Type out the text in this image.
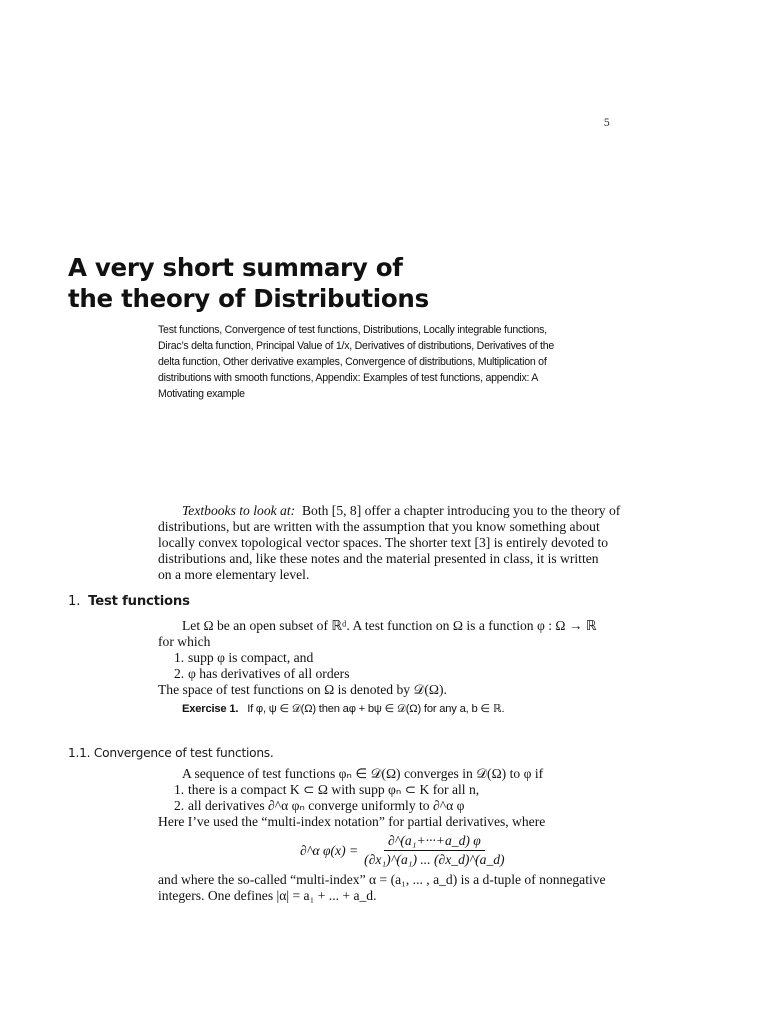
5
A very short summary of
the theory of Distributions
Test functions, Convergence of test functions, Distributions, Locally integrable functions,
Dirac’s delta function, Principal Value of 1/x, Derivatives of distributions, Derivatives of the
delta function, Other derivative examples, Convergence of distributions, Multiplication of
distributions with smooth functions, Appendix: Examples of test functions, appendix: A
Motivating example
Textbooks to look at: Both [5, 8] offer a chapter introducing you to the theory of
distributions, but are written with the assumption that you know something about
locally convex topological vector spaces. The shorter text [3] is entirely devoted to
distributions and, like these notes and the material presented in class, it is written
on a more elementary level.
1. Test functions
Let Ω be an open subset of ℝᵈ. A test function on Ω is a function φ : Ω → ℝ
for which
1. supp φ is compact, and
2. φ has derivatives of all orders
The space of test functions on Ω is denoted by 𝒟(Ω).
Exercise 1. If φ, ψ ∈ 𝒟(Ω) then aφ + bψ ∈ 𝒟(Ω) for any a, b ∈ ℝ.
1.1. Convergence of test functions.
A sequence of test functions φₙ ∈ 𝒟(Ω) converges in 𝒟(Ω) to φ if
1. there is a compact K ⊂ Ω with supp φₙ ⊂ K for all n,
2. all derivatives ∂^α φₙ converge uniformly to ∂^α φ
Here I’ve used the “multi-index notation” for partial derivatives, where
∂^α $\varphi(x) = \frac{\text{∂\textasciicircum{}(a₁+···+a\_d) φ}}{\text{(∂x₁)\textasciicircum{}(a₁) ... (∂x\_d)\textasciicircum{}(a\_d)}}$
and where the so-called “multi-index” α = (a₁, ... , a_d) is a d-tuple of nonnegative
integers. One defines |α| = a₁ + ... + a_d.
